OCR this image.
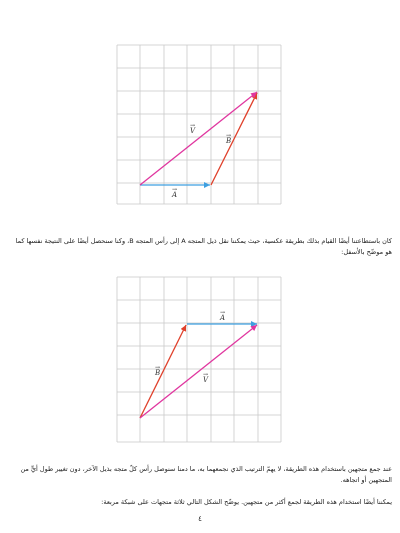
A
B
V
→
→
→

كان باستطاعتنا أيضًا القيام بذلك بطريقة عكسية، حيث يمكننا نقل ذيل المتجه A إلى رأس المتجه B، وكنا سنحصل أيضًا على النتيجة نفسها كما هو موضّح بالأسفل:

A
B
V
→
→
→

عند جمع متجهين باستخدام هذه الطريقة، لا يهمّ الترتيب الذي نجمعهما به، ما دمنا سنوصل رأس كلّ متجه بذيل الآخر، دون تغيير طول أيٍّ من المتجهين أو اتجاهه.

يمكننا أيضًا استخدام هذه الطريقة لجمع أكثر من متجهين. يوضّح الشكل التالي ثلاثة متجهات على شبكة مربعة:

٤
